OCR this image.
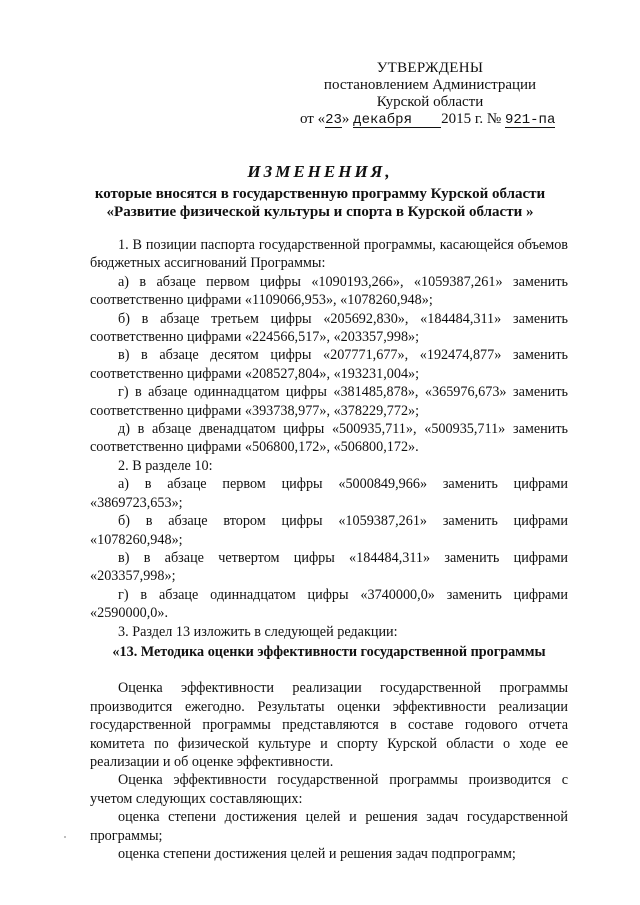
УТВЕРЖДЕНЫ
постановлением Администрации
Курской области
от «23» декабря 2015 г. № 921-па
ИЗМЕНЕНИЯ,
которые вносятся в государственную программу Курской области
«Развитие физической культуры и спорта в Курской области »

1. В позиции паспорта государственной программы, касающейся объемов бюджетных ассигнований Программы:

а) в абзаце первом цифры «1090193,266», «1059387,261» заменить соответственно цифрами «1109066,953», «1078260,948»;

б) в абзаце третьем цифры «205692,830», «184484,311» заменить соответственно цифрами «224566,517», «203357,998»;

в) в абзаце десятом цифры «207771,677», «192474,877» заменить соответственно цифрами «208527,804», «193231,004»;

г) в абзаце одиннадцатом цифры «381485,878», «365976,673» заменить соответственно цифрами «393738,977», «378229,772»;

д) в абзаце двенадцатом цифры «500935,711», «500935,711» заменить соответственно цифрами «506800,172», «506800,172».

2. В разделе 10:

а) в абзаце первом цифры «5000849,966» заменить цифрами «3869723,653»;

б) в абзаце втором цифры «1059387,261» заменить цифрами «1078260,948»;

в) в абзаце четвертом цифры «184484,311» заменить цифрами «203357,998»;

г) в абзаце одиннадцатом цифры «3740000,0» заменить цифрами «2590000,0».

3. Раздел 13 изложить в следующей редакции:

«13. Методика оценки эффективности государственной программы

Оценка эффективности реализации государственной программы производится ежегодно. Результаты оценки эффективности реализации государственной программы представляются в составе годового отчета комитета по физической культуре и спорту Курской области о ходе ее реализации и об оценке эффективности.

Оценка эффективности государственной программы производится с учетом следующих составляющих:

оценка степени достижения целей и решения задач государственной программы;

оценка степени достижения целей и решения задач подпрограмм;
